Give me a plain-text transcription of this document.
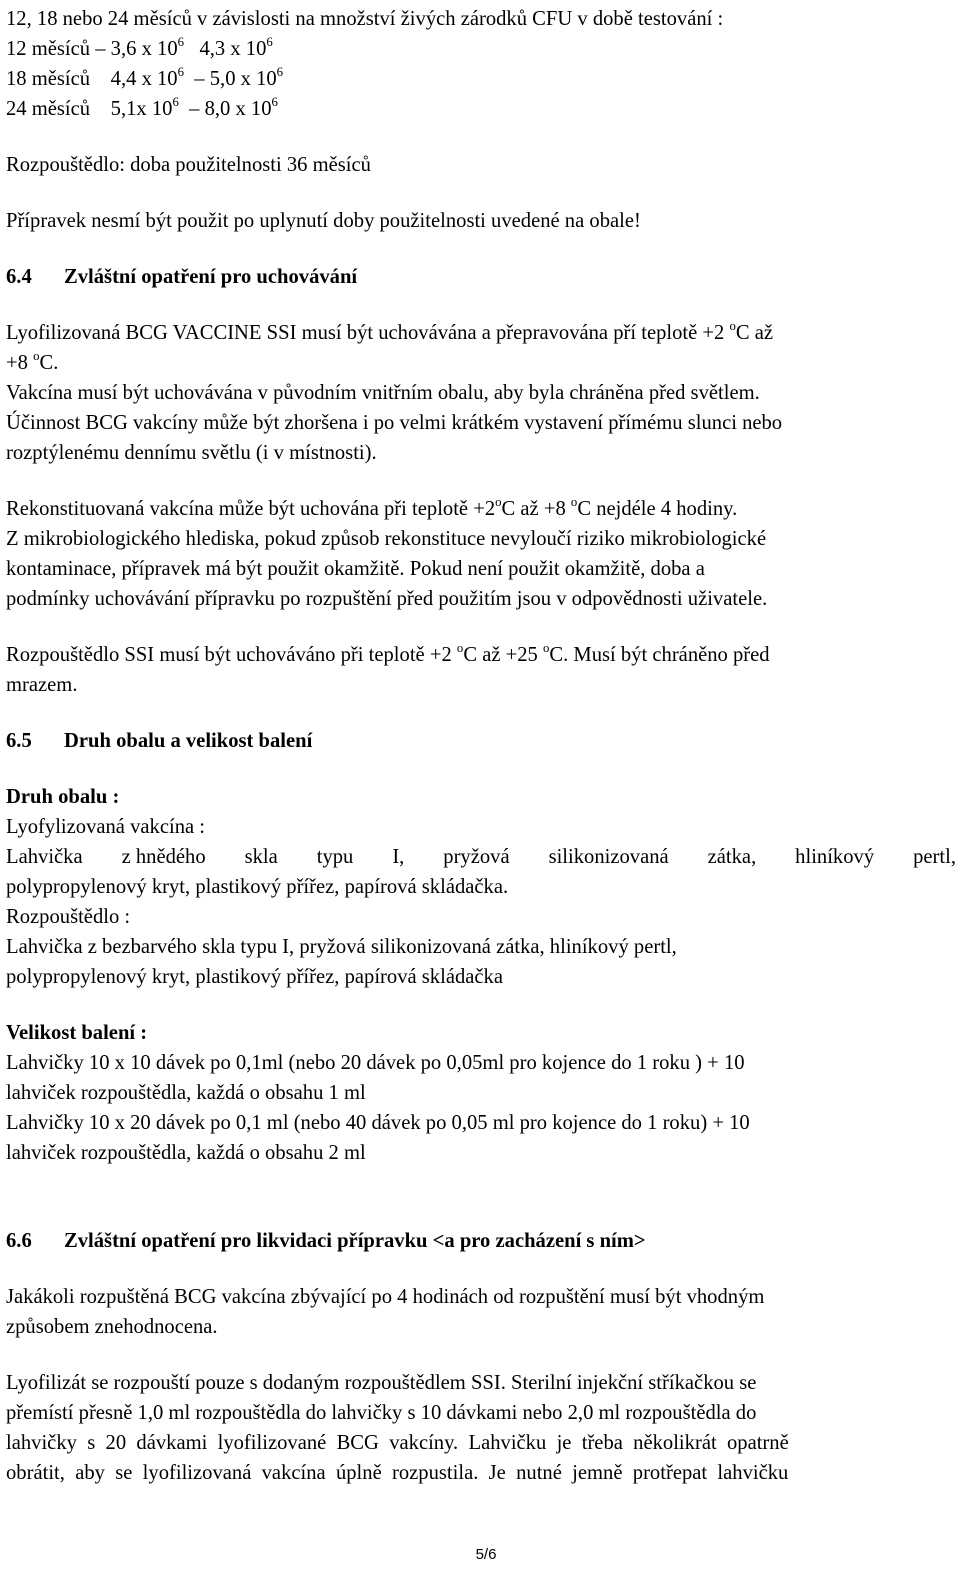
12, 18 nebo 24 měsíců v závislosti na množství živých zárodků CFU v době testování :
12 měsíců – 3,6 x $10^6$ 4,3 x $10^6$
18 měsíců 4,4 x $10^6 - 5,0$ x $10^6$
24 měsíců 5,1x $10^6 - 8,0$ x $10^6$
Rozpouštědlo: doba použitelnosti 36 měsíců
Přípravek nesmí být použit po uplynutí doby použitelnosti uvedené na obale!
6.4 Zvláštní opatření pro uchovávání
Lyofilizovaná BCG VACCINE SSI musí být uchovávána a přepravována pří teplotě +2 $^o$C až
+8 $^o$C.
Vakcína musí být uchovávána v původním vnitřním obalu, aby byla chráněna před světlem.
Účinnost BCG vakcíny může být zhoršena i po velmi krátkém vystavení přímému slunci nebo
rozptýlenému dennímu světlu (i v místnosti).
Rekonstituovaná vakcína může být uchována při teplotě $+2^oC$ až +8 $^o$C nejdéle 4 hodiny.
Z mikrobiologického hlediska, pokud způsob rekonstituce nevyloučí riziko mikrobiologické
kontaminace, přípravek má být použit okamžitě. Pokud není použit okamžitě, doba a
podmínky uchovávání přípravku po rozpuštění před použitím jsou v odpovědnosti uživatele.
Rozpouštědlo SSI musí být uchováváno při teplotě +2 $^o$C až +25 $^o$C. Musí být chráněno před
mrazem.
6.5 Druh obalu a velikost balení
Druh obalu :
Lyofylizovaná vakcína :
Lahvička z hnědého skla typu I, pryžová silikonizovaná zátka, hliníkový pertl,
polypropylenový kryt, plastikový přířez, papírová skládačka.
Rozpouštědlo :
Lahvička z bezbarvého skla typu I, pryžová silikonizovaná zátka, hliníkový pertl,
polypropylenový kryt, plastikový přířez, papírová skládačka
Velikost balení :
Lahvičky 10 x 10 dávek po 0,1ml (nebo 20 dávek po 0,05ml pro kojence do 1 roku ) + 10
lahviček rozpouštědla, každá o obsahu 1 ml
Lahvičky 10 x 20 dávek po 0,1 ml (nebo 40 dávek po 0,05 ml pro kojence do 1 roku) + 10
lahviček rozpouštědla, každá o obsahu 2 ml
6.6 Zvláštní opatření pro likvidaci přípravku <a pro zacházení s ním>
Jakákoli rozpuštěná BCG vakcína zbývající po 4 hodinách od rozpuštění musí být vhodným
způsobem znehodnocena.
Lyofilizát se rozpouští pouze s dodaným rozpouštědlem SSI. Sterilní injekční stříkačkou se
přemístí přesně 1,0 ml rozpouštědla do lahvičky s 10 dávkami nebo 2,0 ml rozpouštědla do
lahvičky  s  20  dávkami  lyofilizované  BCG  vakcíny.  Lahvičku  je  třeba  několikrát  opatrně
obrátit,  aby  se  lyofilizovaná  vakcína  úplně  rozpustila.  Je  nutné  jemně  protřepat  lahvičku
5/6
